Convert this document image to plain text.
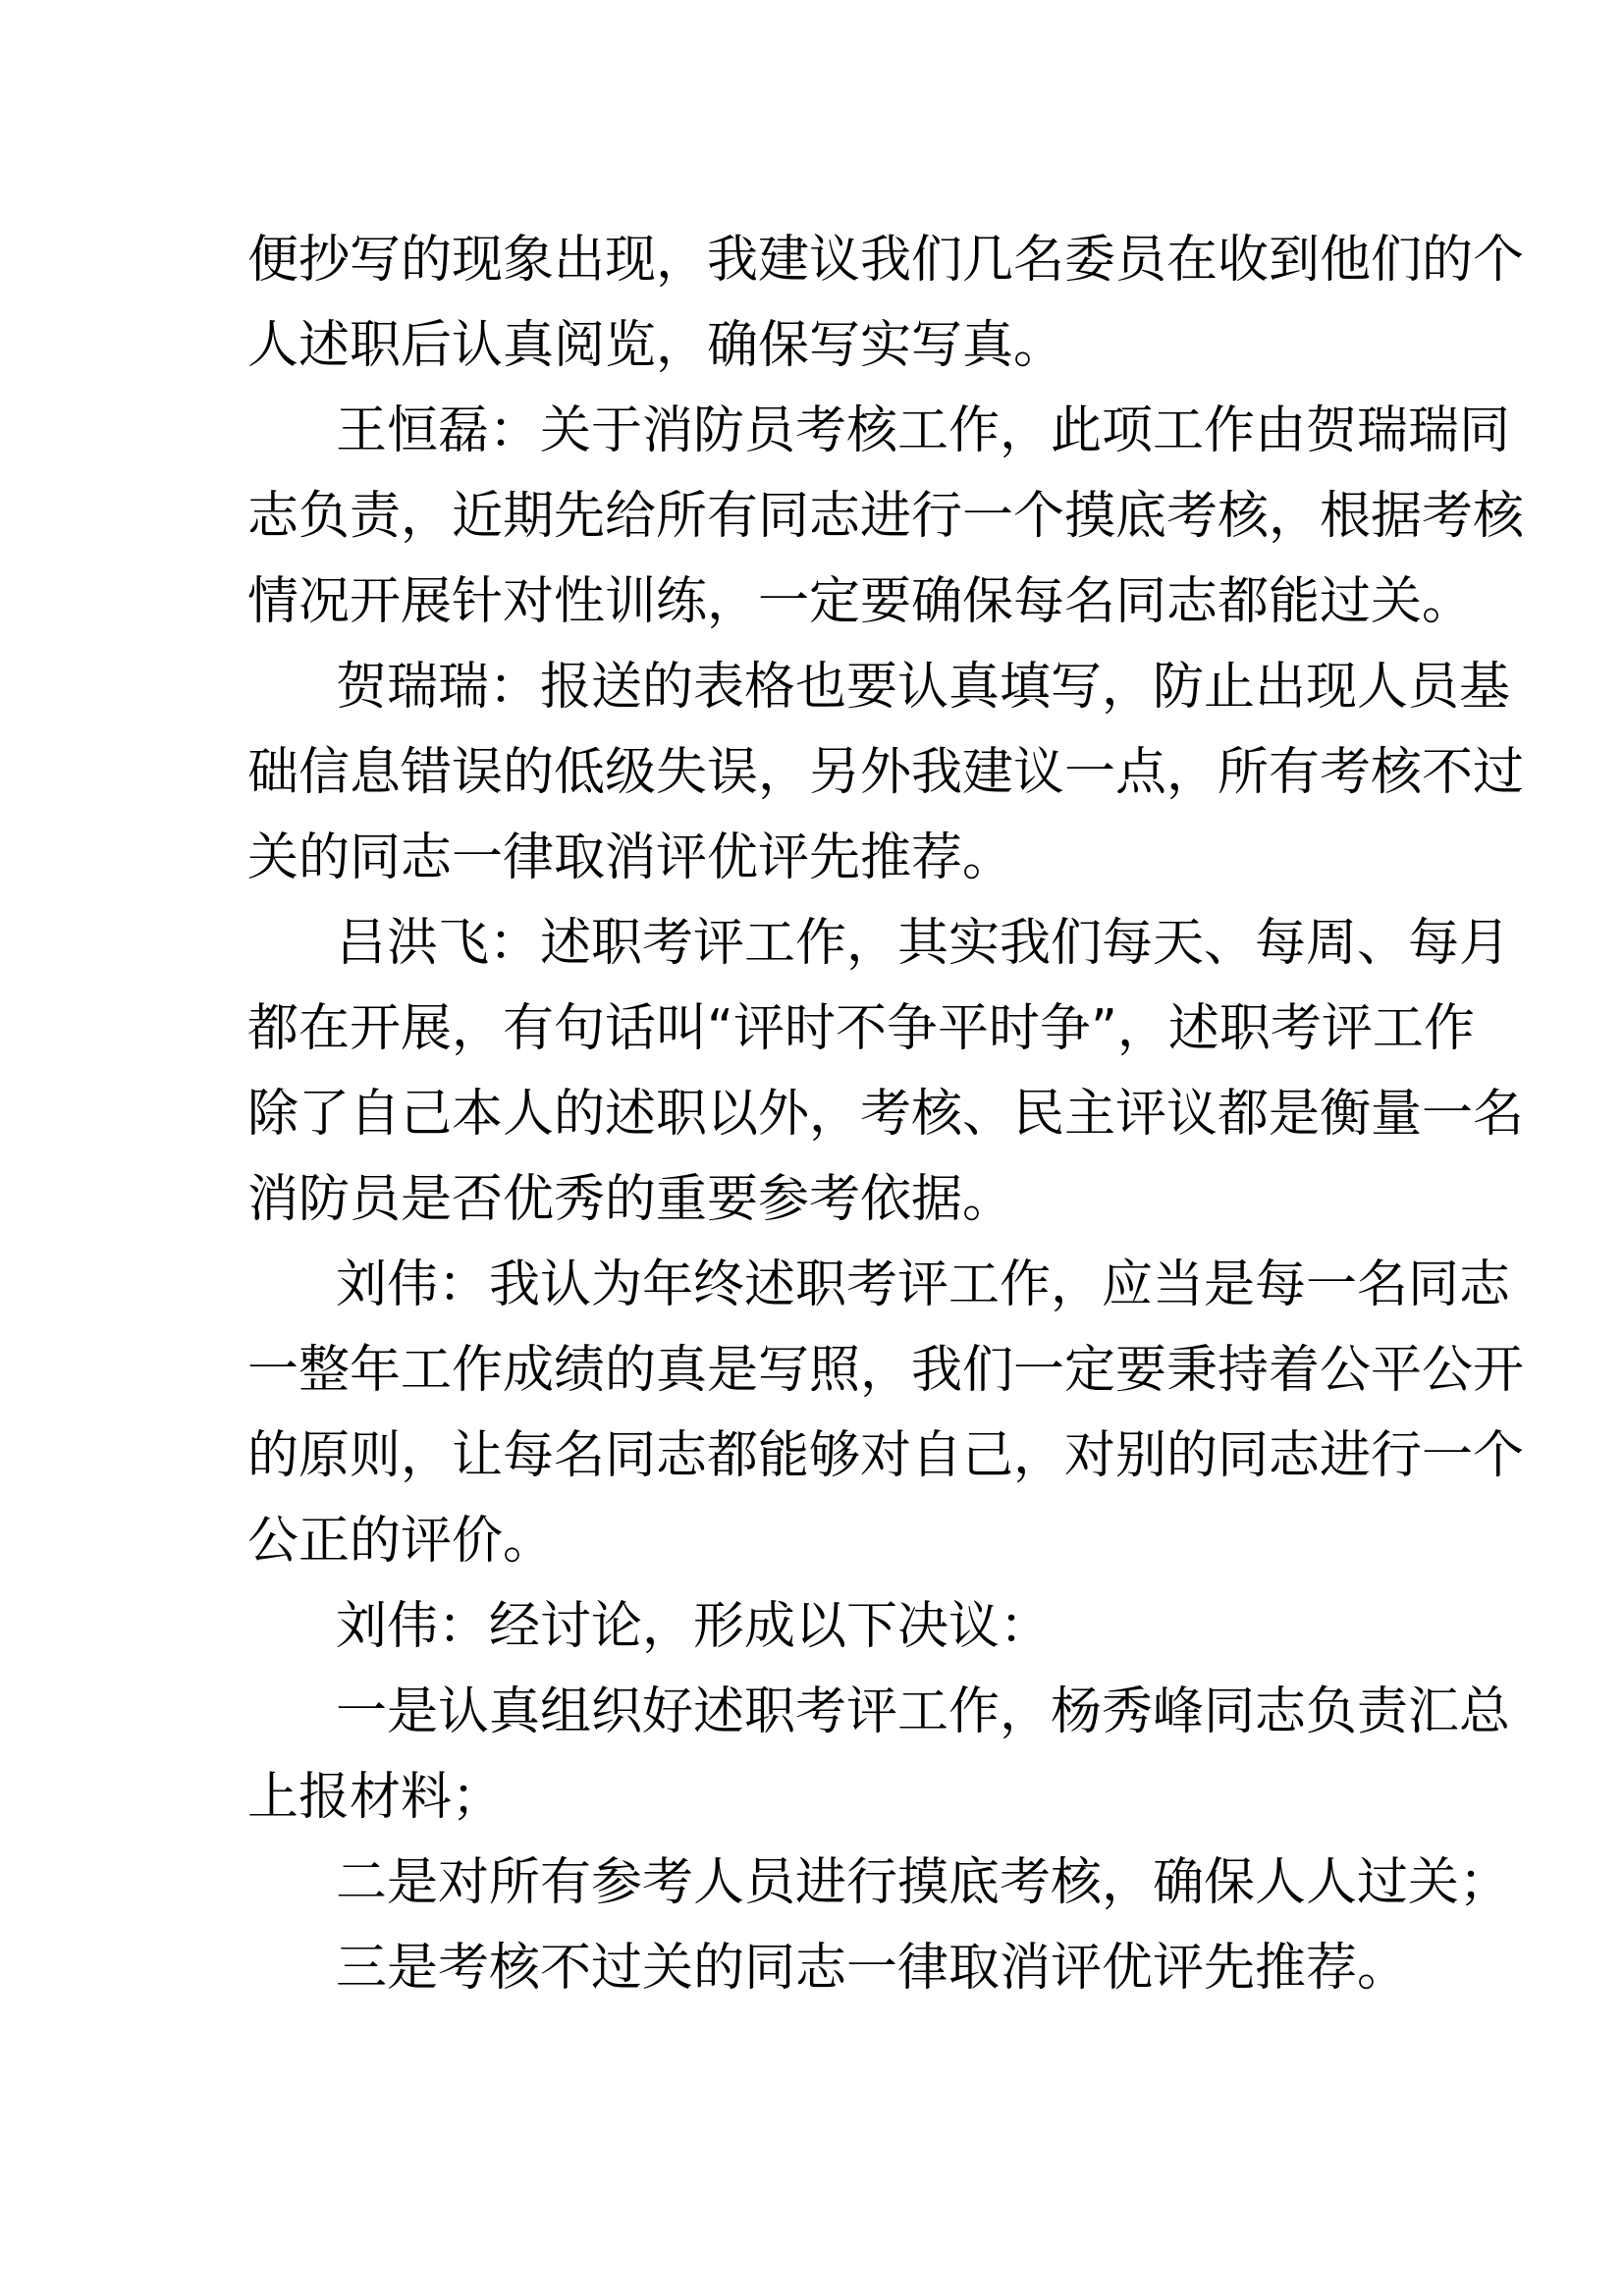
便抄写的现象出现，我建议我们几名委员在收到他们的个
人述职后认真阅览，确保写实写真。
王恒磊：关于消防员考核工作，此项工作由贺瑞瑞同
志负责，近期先给所有同志进行一个摸底考核，根据考核
情况开展针对性训练，一定要确保每名同志都能过关。
贺瑞瑞：报送的表格也要认真填写，防止出现人员基
础信息错误的低级失误，另外我建议一点，所有考核不过
关的同志一律取消评优评先推荐。
吕洪飞：述职考评工作，其实我们每天、每周、每月
都在开展，有句话叫“评时不争平时争”，述职考评工作
除了自己本人的述职以外，考核、民主评议都是衡量一名
消防员是否优秀的重要参考依据。
刘伟：我认为年终述职考评工作，应当是每一名同志
一整年工作成绩的真是写照，我们一定要秉持着公平公开
的原则，让每名同志都能够对自己，对别的同志进行一个
公正的评价。
刘伟：经讨论，形成以下决议：
一是认真组织好述职考评工作，杨秀峰同志负责汇总
上报材料；
二是对所有参考人员进行摸底考核，确保人人过关；
三是考核不过关的同志一律取消评优评先推荐。
